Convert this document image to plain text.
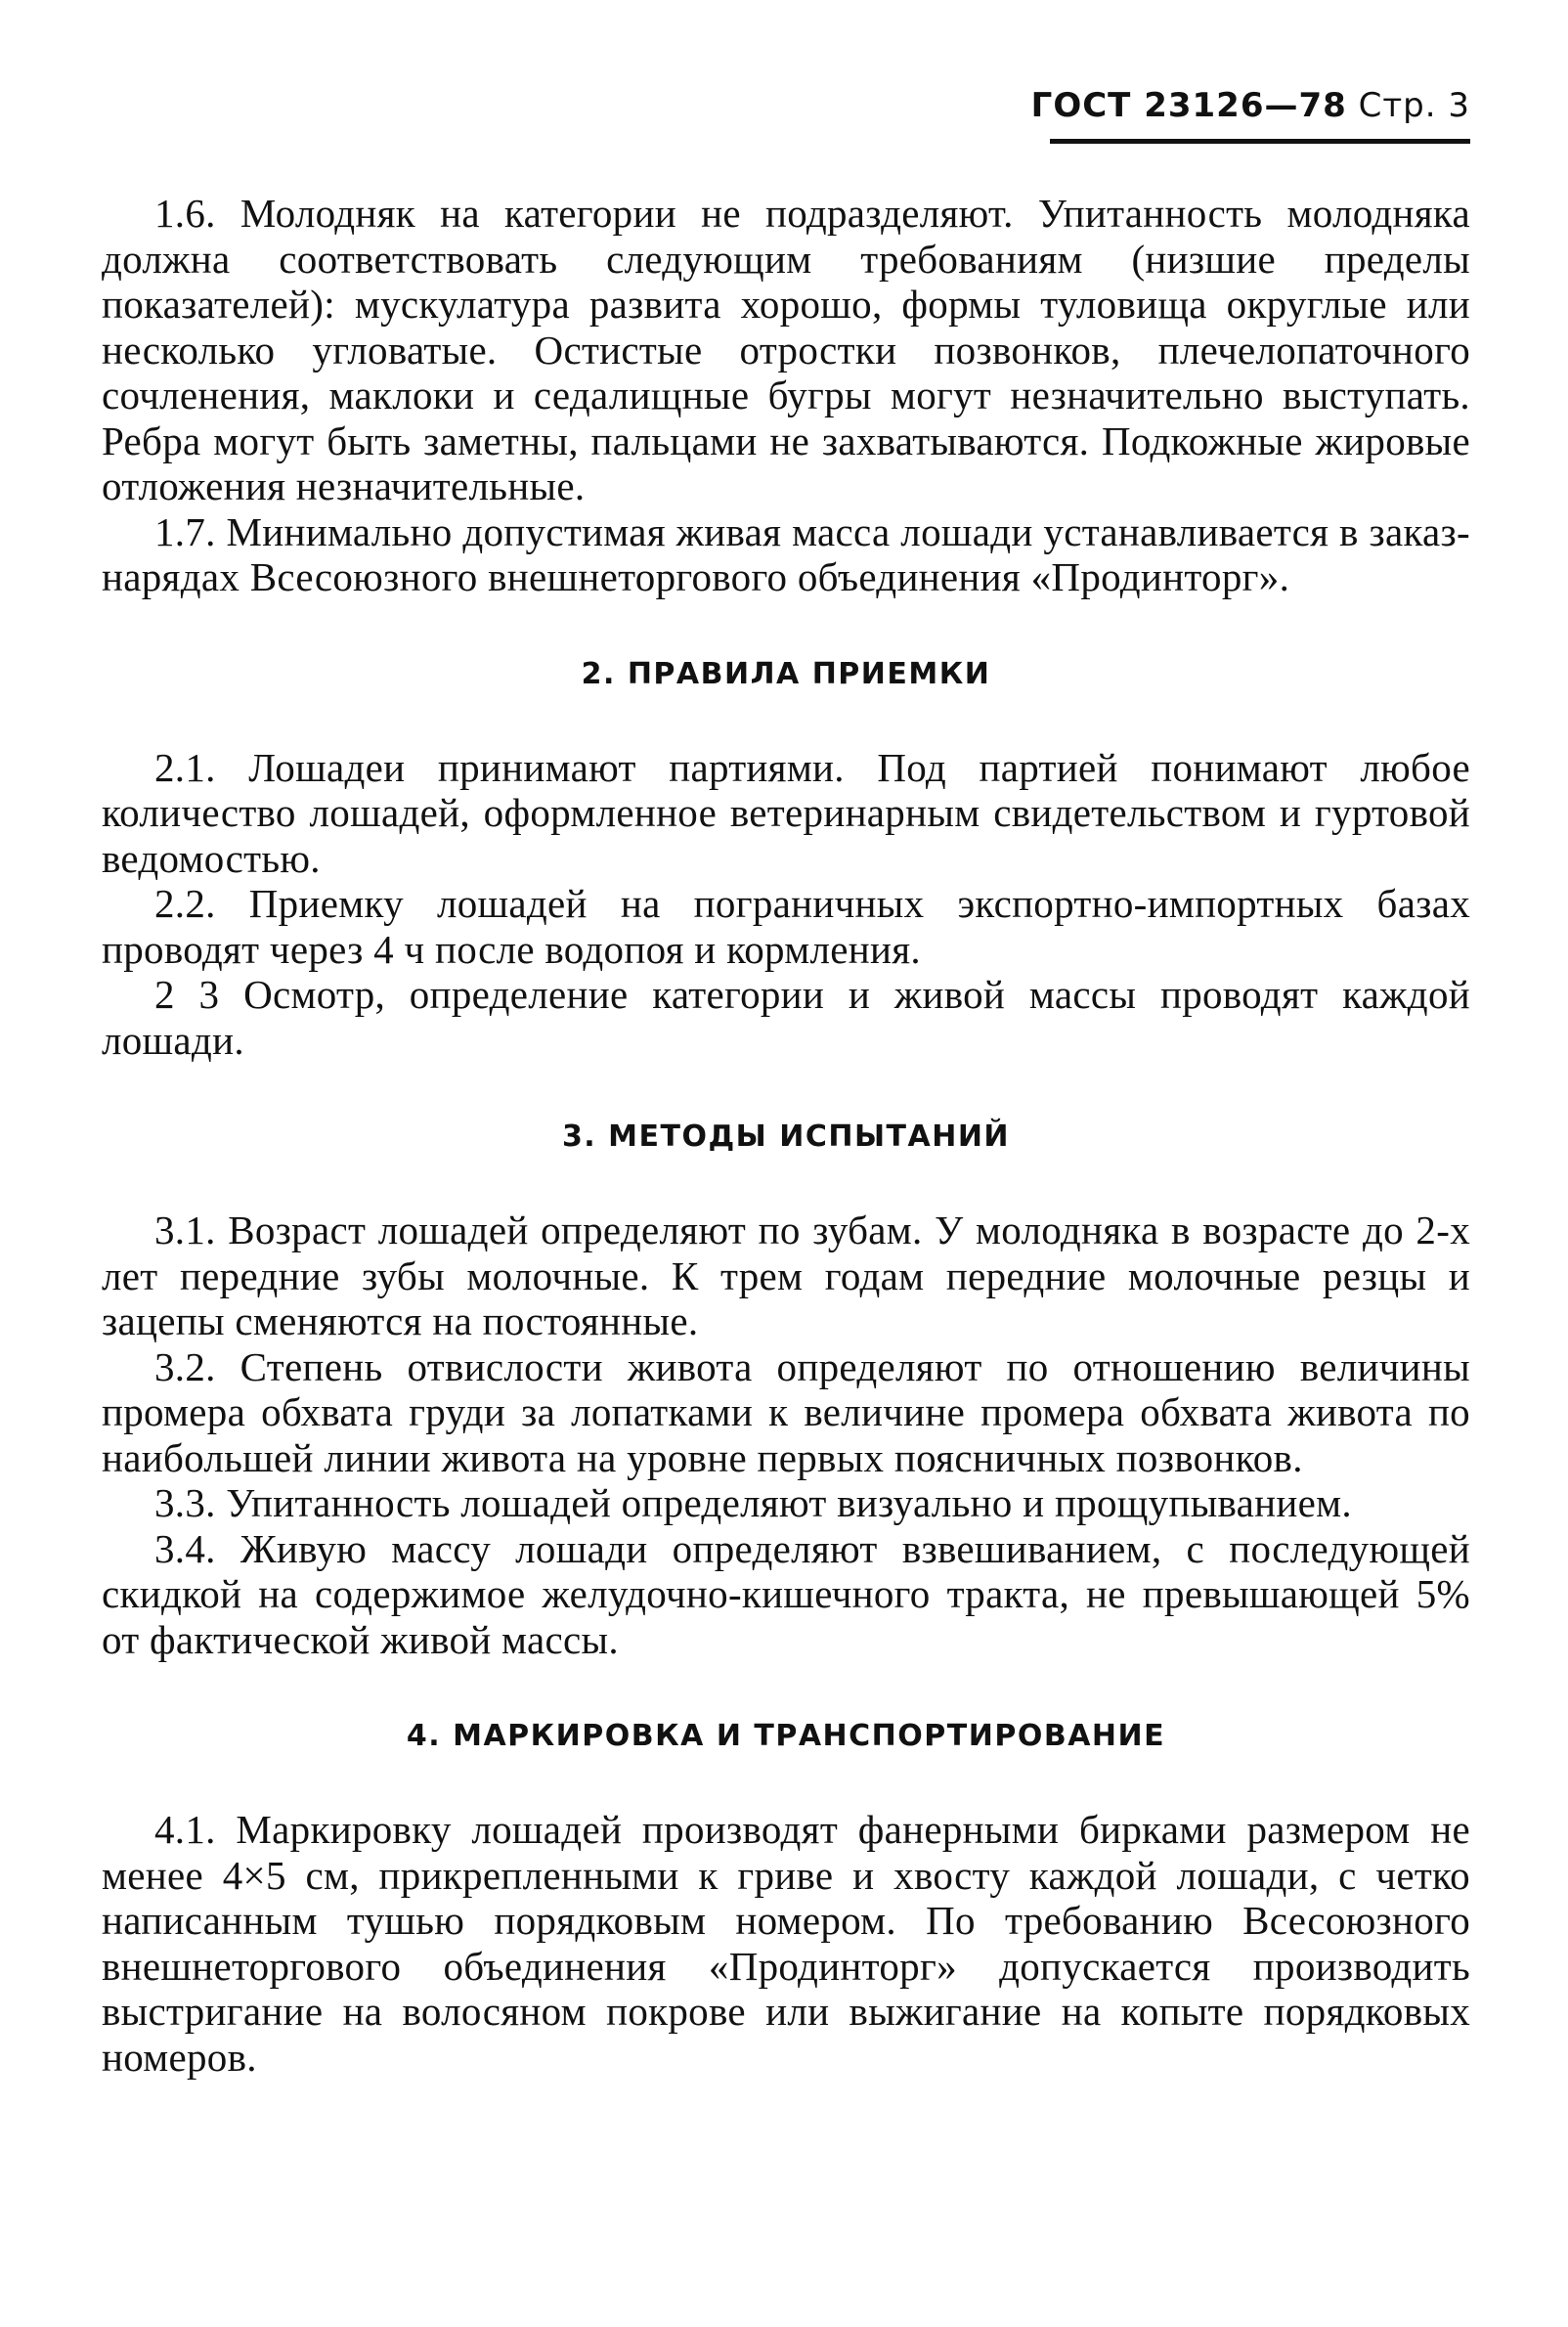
ГОСТ 23126—78 Стр. 3

1.6. Молодняк на категории не подразделяют. Упитанность молодняка должна соответствовать следующим требованиям (низшие пределы показателей): мускулатура развита хорошо, формы туловища округлые или несколько угловатые. Остистые отростки позвонков, плечелопаточного сочленения, маклоки и седалищные бугры могут незначительно выступать. Ребра могут быть заметны, пальцами не захватываются. Подкожные жировые отложения незначительные.

1.7. Минимально допустимая живая масса лошади устанавливается в заказ-нарядах Всесоюзного внешнеторгового объединения «Продинторг».

2. ПРАВИЛА ПРИЕМКИ

2.1. Лошадеи принимают партиями. Под партией понимают любое количество лошадей, оформленное ветеринарным свидетельством и гуртовой ведомостью.

2.2. Приемку лошадей на пограничных экспортно-импортных базах проводят через 4 ч после водопоя и кормления.

2 3 Осмотр, определение категории и живой массы проводят каждой лошади.

3. МЕТОДЫ ИСПЫТАНИЙ

3.1. Возраст лошадей определяют по зубам. У молодняка в возрасте до 2-х лет передние зубы молочные. К трем годам передние молочные резцы и зацепы сменяются на постоянные.

3.2. Степень отвислости живота определяют по отношению величины промера обхвата груди за лопатками к величине промера обхвата живота по наибольшей линии живота на уровне первых поясничных позвонков.

3.3. Упитанность лошадей определяют визуально и прощупыванием.

3.4. Живую массу лошади определяют взвешиванием, с последующей скидкой на содержимое желудочно-кишечного тракта, не превышающей 5% от фактической живой массы.

4. МАРКИРОВКА И ТРАНСПОРТИРОВАНИЕ

4.1. Маркировку лошадей производят фанерными бирками размером не менее 4×5 см, прикрепленными к гриве и хвосту каждой лошади, с четко написанным тушью порядковым номером. По требованию Всесоюзного внешнеторгового объединения «Продинторг» допускается производить выстригание на волосяном покрове или выжигание на копыте порядковых номеров.
